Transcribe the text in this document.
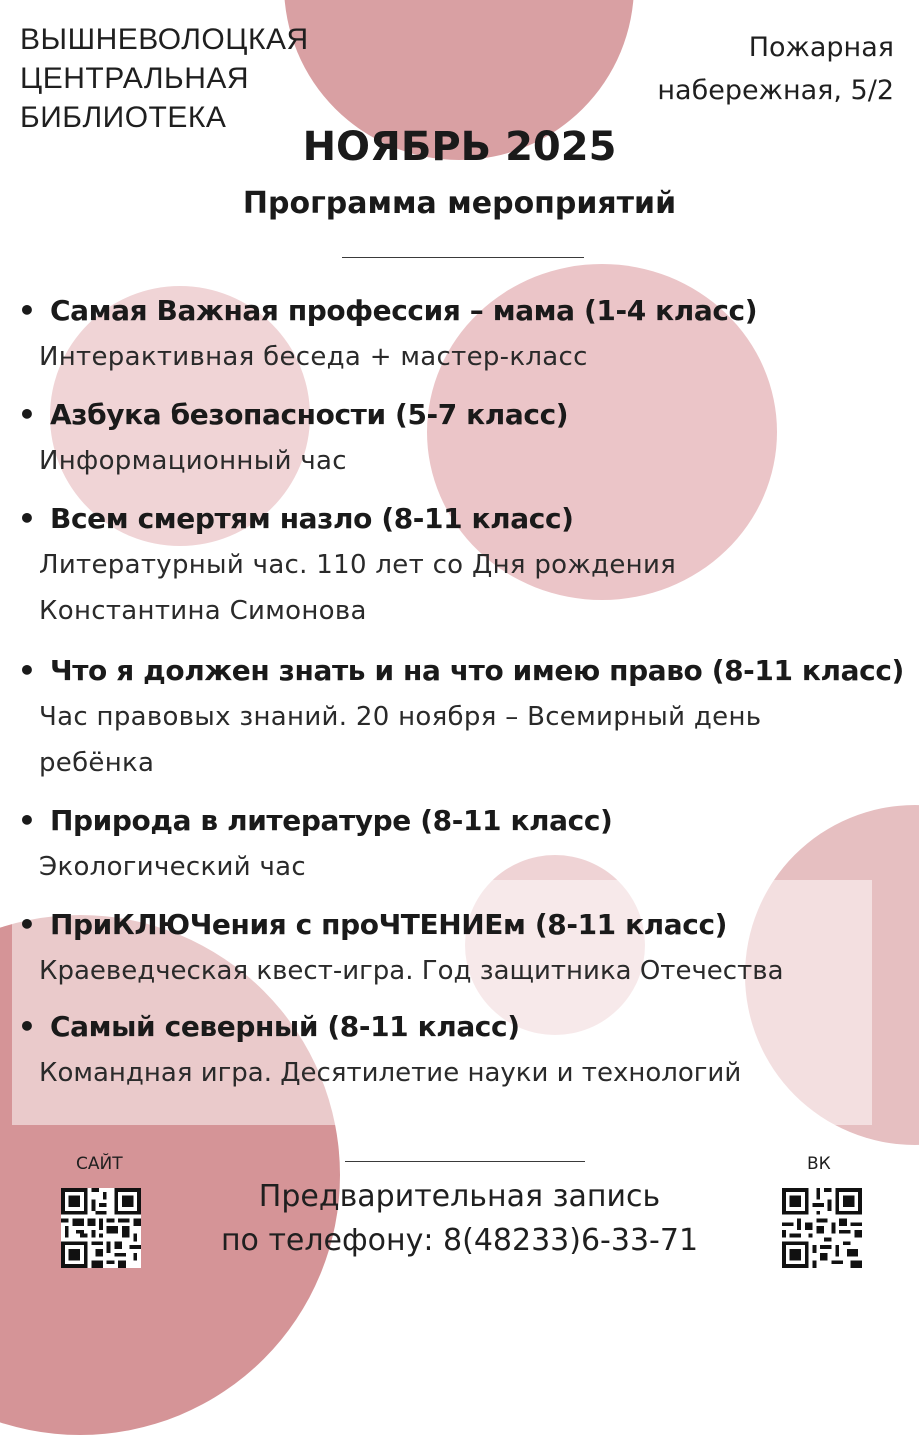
ВЫШНЕВОЛОЦКАЯ
ЦЕНТРАЛЬНАЯ
БИБЛИОТЕКА
Пожарная
набережная, 5/2
НОЯБРЬ 2025
Программа мероприятий
• Самая Важная профессия – мама (1-4 класс)
Интерактивная беседа + мастер-класс
• Азбука безопасности (5-7 класс)
Информационный час
• Всем смертям назло (8-11 класс)
Литературный час. 110 лет со Дня рождения Константина Симонова
• Что я должен знать и на что имею право (8-11 класс)
Час правовых знаний. 20 ноября – Всемирный день ребёнка
• Природа в литературе (8-11 класс)
Экологический час
• ПриКЛЮЧения с проЧТЕНИЕм (8-11 класс)
Краеведческая квест-игра. Год защитника Отечества
• Самый северный (8-11 класс)
Командная игра. Десятилетие науки и технологий
САЙТ	ВК
Предварительная запись
по телефону: 8(48233)6-33-71
